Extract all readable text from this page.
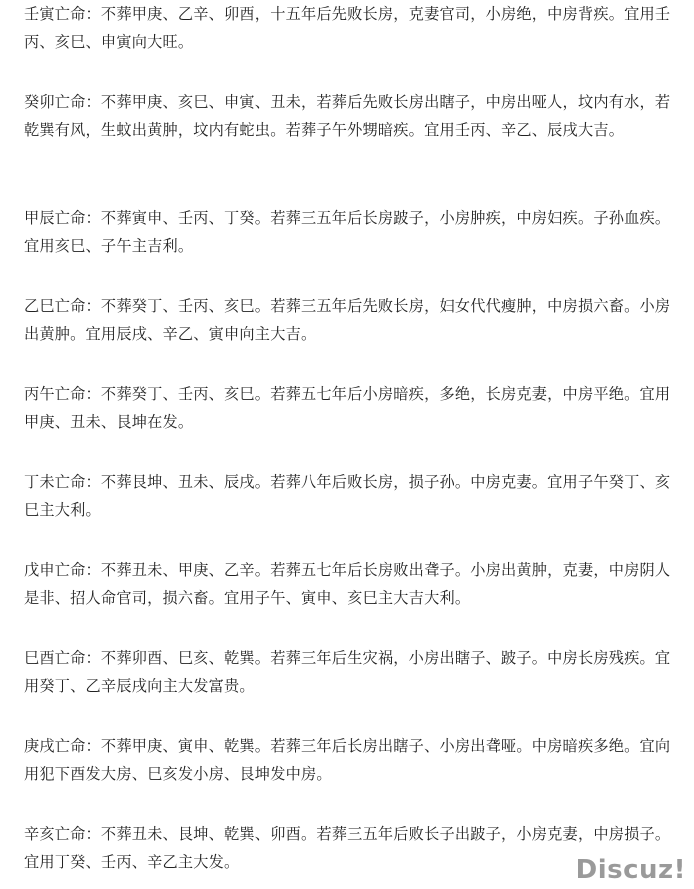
壬寅亡命：不葬甲庚、乙辛、卯酉，十五年后先败长房，克妻官司，小房绝，中房背疾。宜用壬丙、亥巳、申寅向大旺。

癸卯亡命：不葬甲庚、亥巳、申寅、丑未，若葬后先败长房出瞎子，中房出哑人，坟内有水，若乾巽有风，生蚊出黄肿，坟内有蛇虫。若葬子午外甥暗疾。宜用壬丙、辛乙、辰戌大吉。

甲辰亡命：不葬寅申、壬丙、丁癸。若葬三五年后长房跛子，小房肿疾，中房妇疾。子孙血疾。宜用亥巳、子午主吉利。

乙巳亡命：不葬癸丁、壬丙、亥巳。若葬三五年后先败长房，妇女代代瘦肿，中房损六畜。小房出黄肿。宜用辰戌、辛乙、寅申向主大吉。

丙午亡命：不葬癸丁、壬丙、亥巳。若葬五七年后小房暗疾，多绝，长房克妻，中房平绝。宜用甲庚、丑未、艮坤在发。

丁未亡命：不葬艮坤、丑未、辰戌。若葬八年后败长房，损子孙。中房克妻。宜用子午癸丁、亥巳主大利。

戊申亡命：不葬丑未、甲庚、乙辛。若葬五七年后长房败出聋子。小房出黄肿，克妻，中房阴人是非、招人命官司，损六畜。宜用子午、寅申、亥巳主大吉大利。

巳酉亡命：不葬卯酉、巳亥、乾巽。若葬三年后生灾祸，小房出瞎子、跛子。中房长房残疾。宜用癸丁、乙辛辰戌向主大发富贵。

庚戌亡命：不葬甲庚、寅申、乾巽。若葬三年后长房出瞎子、小房出聋哑。中房暗疾多绝。宜向用犯下酉发大房、巳亥发小房、艮坤发中房。

辛亥亡命：不葬丑未、艮坤、乾巽、卯酉。若葬三五年后败长子出跛子，小房克妻，中房损子。宜用丁癸、壬丙、辛乙主大发。	Discuz!
